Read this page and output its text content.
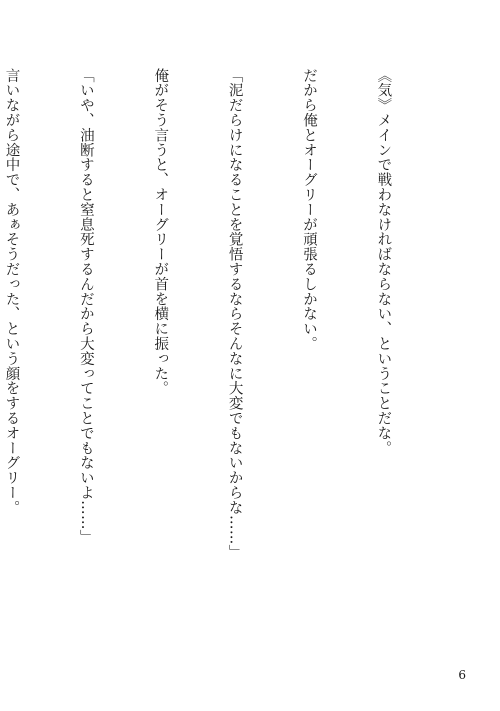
《気》メインで戦わなければならない、ということだな。

だから俺とオーグリーが頑張るしかない。

「泥だらけになることを覚悟するならそんなに大変でもないからな……」

俺がそう言うと、オーグリーが首を横に振った。

「いや、油断すると窒息死するんだから大変ってことでもないよ……」

言いながら途中で、あぁそうだった、という顔をするオーグリー。

6
